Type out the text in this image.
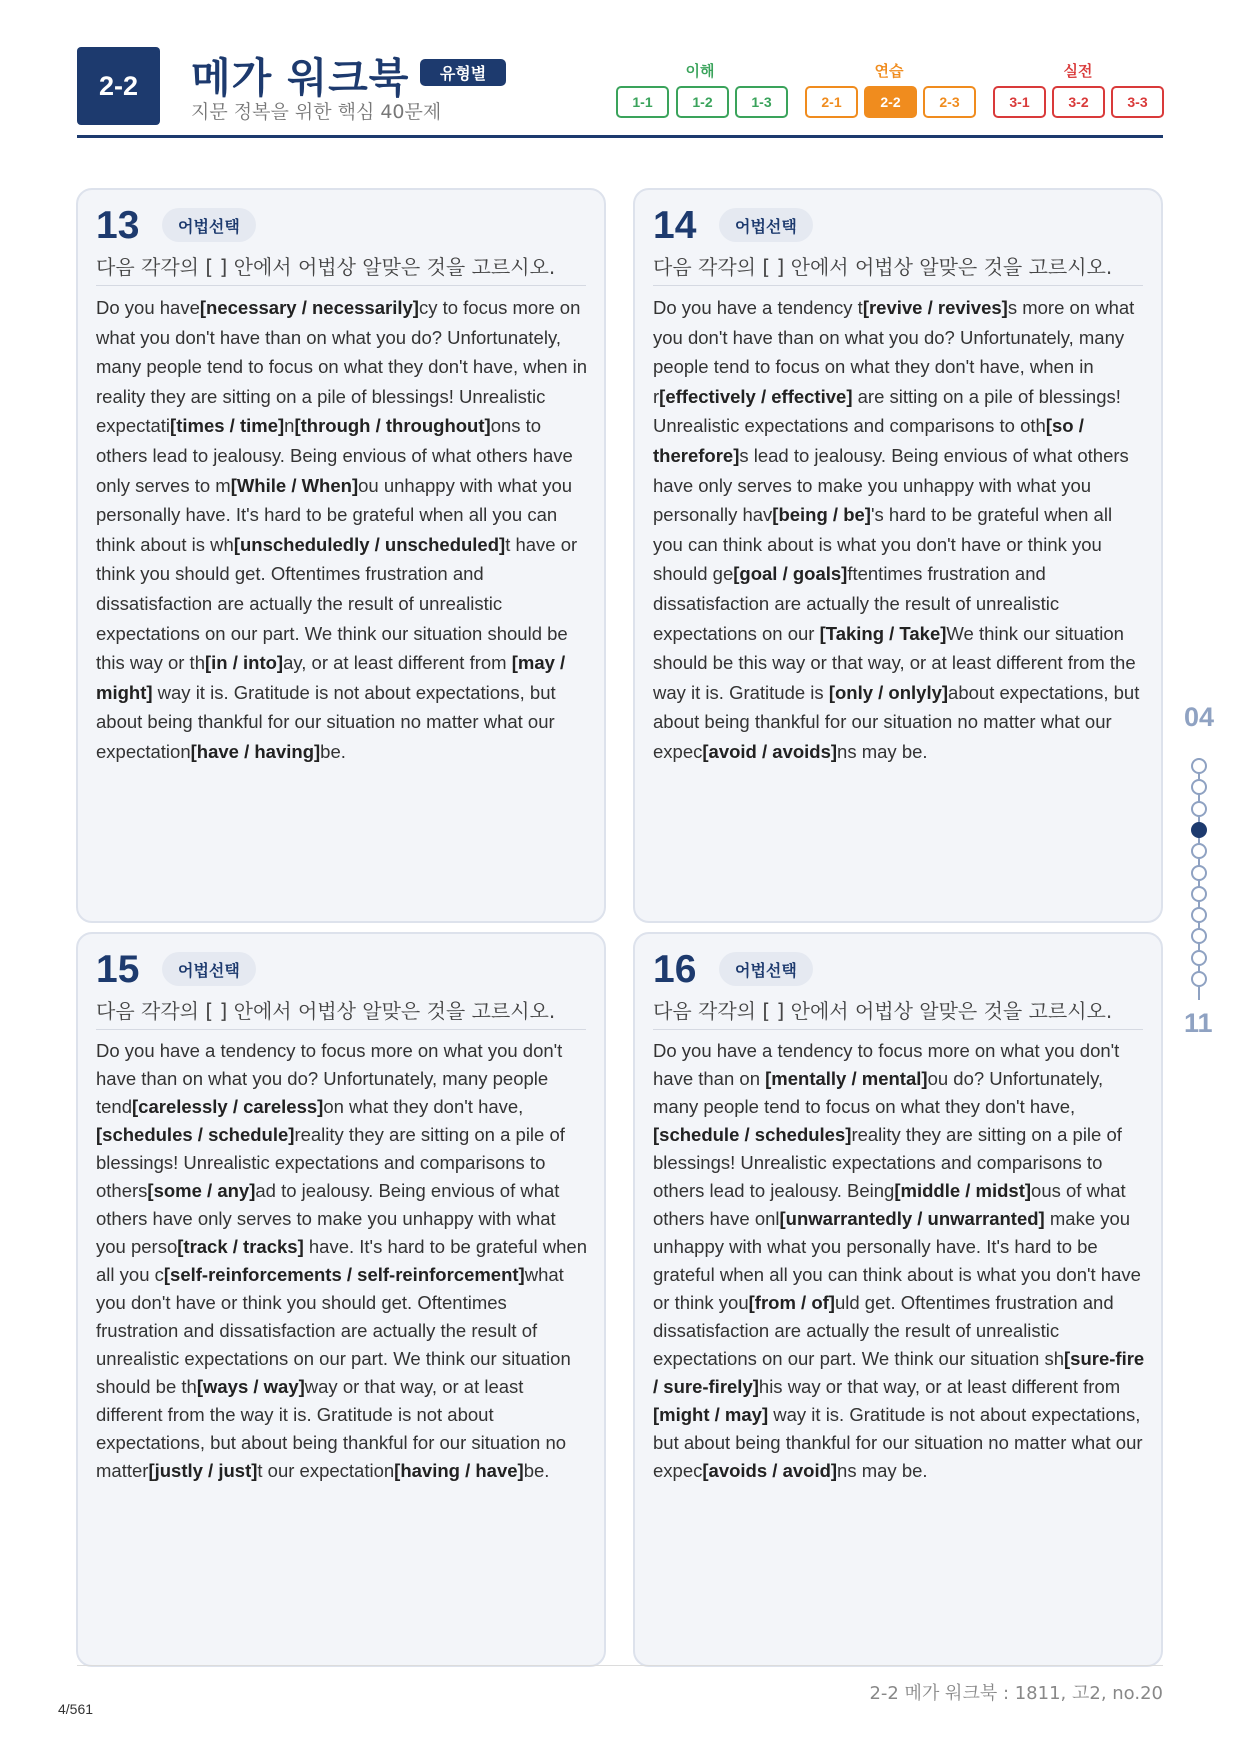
2-2	메가 워크북	유형별
지문 정복을 위한 핵심 40문제
이해	연습	실전
1-1	1-2	1-3	2-1	2-2	2-3	3-1	3-2	3-3
13	어법선택
다음 각각의 [ ] 안에서 어법상 알맞은 것을 고르시오.
Do you have[necessary / necessarily]cy to focus more on what you don't have than on what you do? Unfortunately, many people tend to focus on what they don't have, when in reality they are sitting on a pile of blessings! Unrealistic expectati[times / time]n[through / throughout]ons to others lead to jealousy. Being envious of what others have only serves to m[While / When]ou unhappy with what you personally have. It's hard to be grateful when all you can think about is wh[unscheduledly / unscheduled]t have or think you should get. Oftentimes frustration and dissatisfaction are actually the result of unrealistic expectations on our part. We think our situation should be this way or th[in / into]ay, or at least different from [may / might] way it is. Gratitude is not about expectations, but about being thankful for our situation no matter what our expectation[have / having]be.
14	어법선택
다음 각각의 [ ] 안에서 어법상 알맞은 것을 고르시오.
Do you have a tendency t[revive / revives]s more on what you don't have than on what you do? Unfortunately, many people tend to focus on what they don't have, when in r[effectively / effective] are sitting on a pile of blessings! Unrealistic expectations and comparisons to oth[so / therefore]s lead to jealousy. Being envious of what others have only serves to make you unhappy with what you personally hav[being / be]'s hard to be grateful when all you can think about is what you don't have or think you should ge[goal / goals]ftentimes frustration and dissatisfaction are actually the result of unrealistic expectations on our [Taking / Take]We think our situation should be this way or that way, or at least different from the way it is. Gratitude is [only / onlyly]about expectations, but about being thankful for our situation no matter what our expec[avoid / avoids]ns may be.
15	어법선택
다음 각각의 [ ] 안에서 어법상 알맞은 것을 고르시오.
Do you have a tendency to focus more on what you don't have than on what you do? Unfortunately, many people tend[carelessly / careless]on what they don't have, [schedules / schedule]reality they are sitting on a pile of blessings! Unrealistic expectations and comparisons to others[some / any]ad to jealousy. Being envious of what others have only serves to make you unhappy with what you perso[track / tracks] have. It's hard to be grateful when all you c[self-reinforcements / self-reinforcement]what you don't have or think you should get. Oftentimes frustration and dissatisfaction are actually the result of unrealistic expectations on our part. We think our situation should be th[ways / way]way or that way, or at least different from the way it is. Gratitude is not about expectations, but about being thankful for our situation no matter[justly / just]t our expectation[having / have]be.
16	어법선택
다음 각각의 [ ] 안에서 어법상 알맞은 것을 고르시오.
Do you have a tendency to focus more on what you don't have than on [mentally / mental]ou do? Unfortunately, many people tend to focus on what they don't have, [schedule / schedules]reality they are sitting on a pile of blessings! Unrealistic expectations and comparisons to others lead to jealousy. Being[middle / midst]ous of what others have onl[unwarrantedly / unwarranted] make you unhappy with what you personally have. It's hard to be grateful when all you can think about is what you don't have or think you[from / of]uld get. Oftentimes frustration and dissatisfaction are actually the result of unrealistic expectations on our part. We think our situation sh[sure-fire / sure-firely]his way or that way, or at least different from [might / may] way it is. Gratitude is not about expectations, but about being thankful for our situation no matter what our expec[avoids / avoid]ns may be.
04
11
2-2 메가 워크북 : 1811, 고2, no.20
4/561
